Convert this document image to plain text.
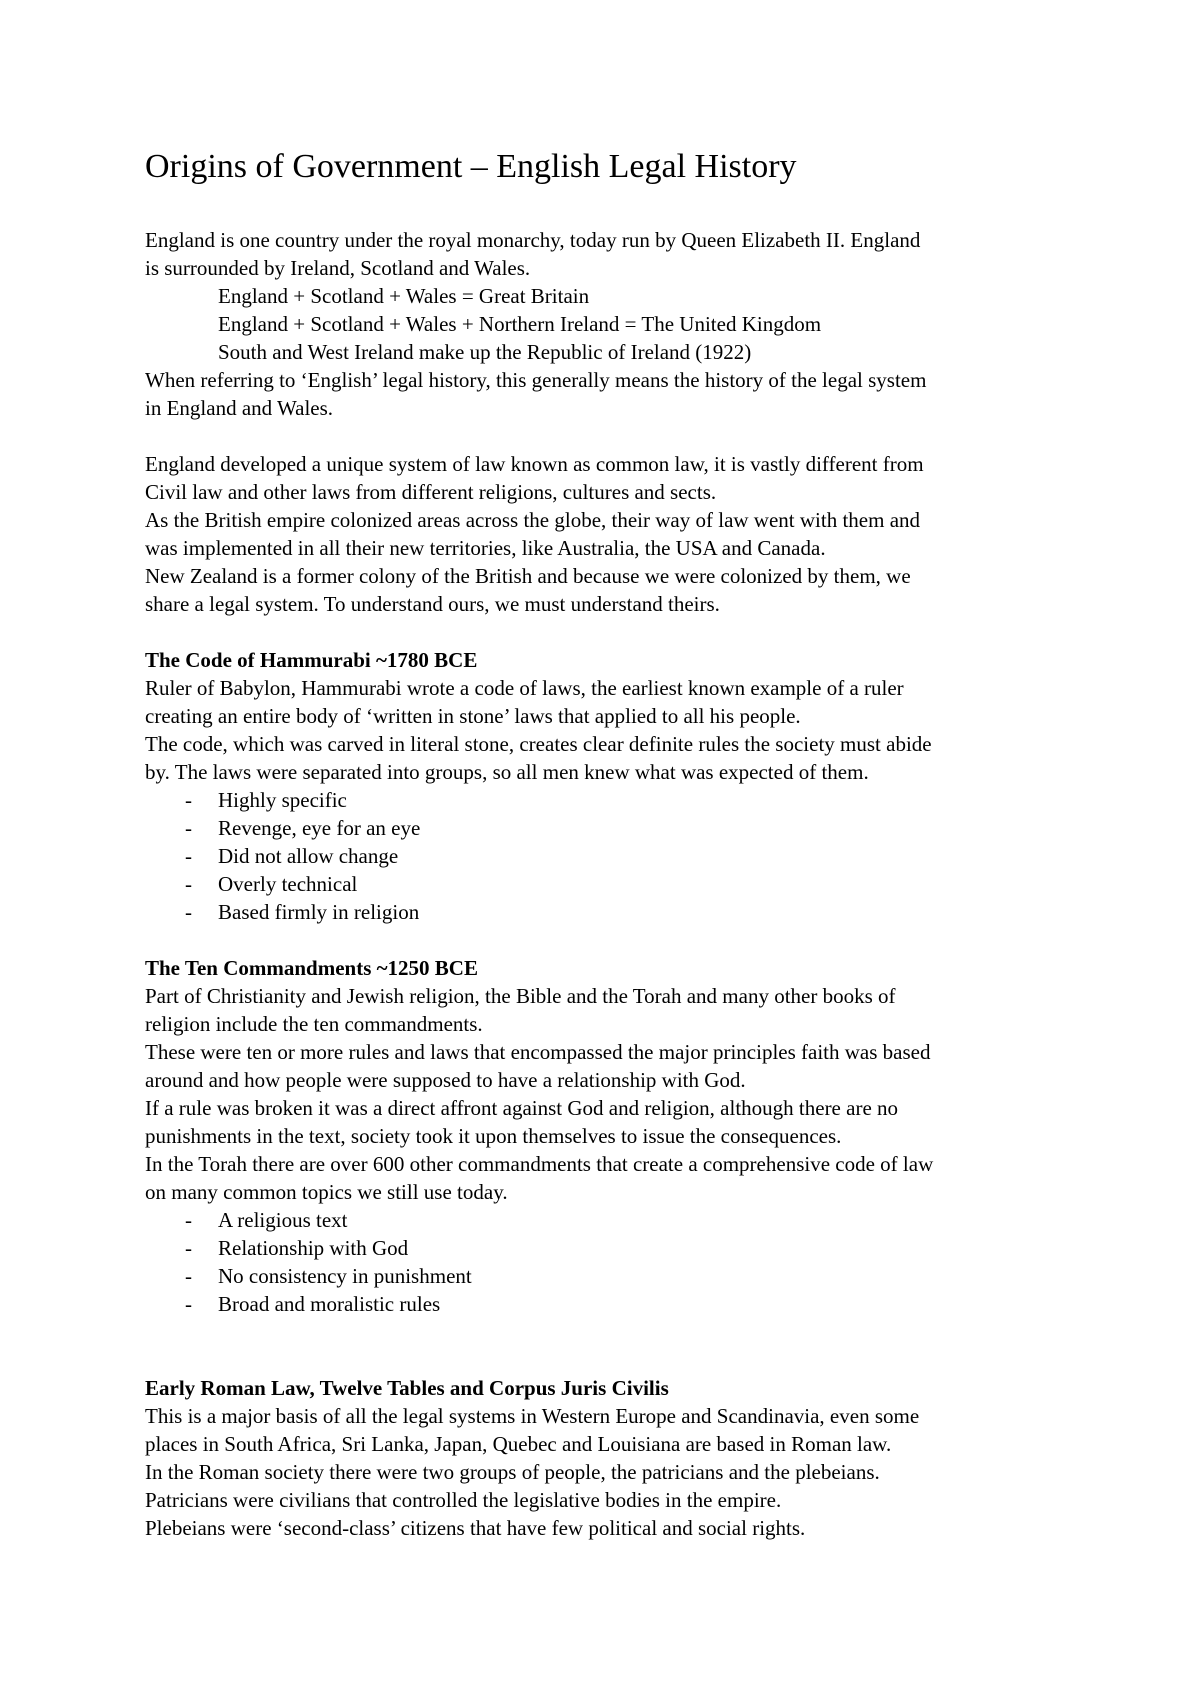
Origins of Government – English Legal History
England is one country under the royal monarchy, today run by Queen Elizabeth II. England
is surrounded by Ireland, Scotland and Wales.
England + Scotland + Wales = Great Britain
England + Scotland + Wales + Northern Ireland = The United Kingdom
South and West Ireland make up the Republic of Ireland (1922)
When referring to ‘English’ legal history, this generally means the history of the legal system
in England and Wales.
England developed a unique system of law known as common law, it is vastly different from
Civil law and other laws from different religions, cultures and sects.
As the British empire colonized areas across the globe, their way of law went with them and
was implemented in all their new territories, like Australia, the USA and Canada.
New Zealand is a former colony of the British and because we were colonized by them, we
share a legal system. To understand ours, we must understand theirs.
The Code of Hammurabi ~1780 BCE
Ruler of Babylon, Hammurabi wrote a code of laws, the earliest known example of a ruler
creating an entire body of ‘written in stone’ laws that applied to all his people.
The code, which was carved in literal stone, creates clear definite rules the society must abide
by. The laws were separated into groups, so all men knew what was expected of them.
- Highly specific
- Revenge, eye for an eye
- Did not allow change
- Overly technical
- Based firmly in religion
The Ten Commandments ~1250 BCE
Part of Christianity and Jewish religion, the Bible and the Torah and many other books of
religion include the ten commandments.
These were ten or more rules and laws that encompassed the major principles faith was based
around and how people were supposed to have a relationship with God.
If a rule was broken it was a direct affront against God and religion, although there are no
punishments in the text, society took it upon themselves to issue the consequences.
In the Torah there are over 600 other commandments that create a comprehensive code of law
on many common topics we still use today.
- A religious text
- Relationship with God
- No consistency in punishment
- Broad and moralistic rules
Early Roman Law, Twelve Tables and Corpus Juris Civilis
This is a major basis of all the legal systems in Western Europe and Scandinavia, even some
places in South Africa, Sri Lanka, Japan, Quebec and Louisiana are based in Roman law.
In the Roman society there were two groups of people, the patricians and the plebeians.
Patricians were civilians that controlled the legislative bodies in the empire.
Plebeians were ‘second-class’ citizens that have few political and social rights.
